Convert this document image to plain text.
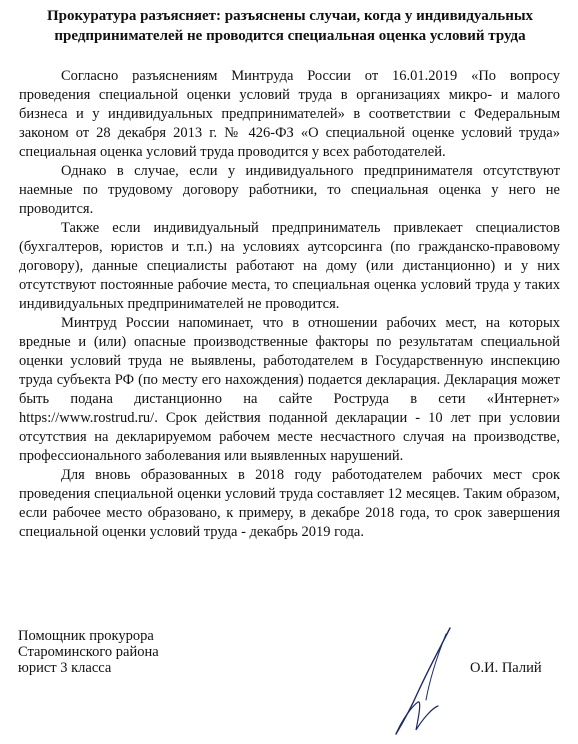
Прокуратура разъясняет: разъяснены случаи, когда у индивидуальных предпринимателей не проводится специальная оценка условий труда

Согласно разъяснениям Минтруда России от 16.01.2019 «По вопросу проведения специальной оценки условий труда в организациях микро- и малого бизнеса и у индивидуальных предпринимателей» в соответствии с Федеральным законом от 28 декабря 2013 г. № 426-ФЗ «О специальной оценке условий труда» специальная оценка условий труда проводится у всех работодателей.

Однако в случае, если у индивидуального предпринимателя отсутствуют наемные по трудовому договору работники, то специальная оценка у него не проводится.

Также если индивидуальный предприниматель привлекает специалистов (бухгалтеров, юристов и т.п.) на условиях аутсорсинга (по гражданско-правовому договору), данные специалисты работают на дому (или дистанционно) и у них отсутствуют постоянные рабочие места, то специальная оценка условий труда у таких индивидуальных предпринимателей не проводится.

Минтруд России напоминает, что в отношении рабочих мест, на которых вредные и (или) опасные производственные факторы по результатам специальной оценки условий труда не выявлены, работодателем в Государственную инспекцию труда субъекта РФ (по месту его нахождения) подается декларация. Декларация может быть подана дистанционно на сайте Роструда в сети «Интернет» https://www.rostrud.ru/. Срок действия поданной декларации - 10 лет при условии отсутствия на декларируемом рабочем месте несчастного случая на производстве, профессионального заболевания или выявленных нарушений.

Для вновь образованных в 2018 году работодателем рабочих мест срок проведения специальной оценки условий труда составляет 12 месяцев. Таким образом, если рабочее место образовано, к примеру, в декабре 2018 года, то срок завершения специальной оценки условий труда - декабрь 2019 года.

Помощник прокурора
Староминского района
юрист 3 класса	О.И. Палий
